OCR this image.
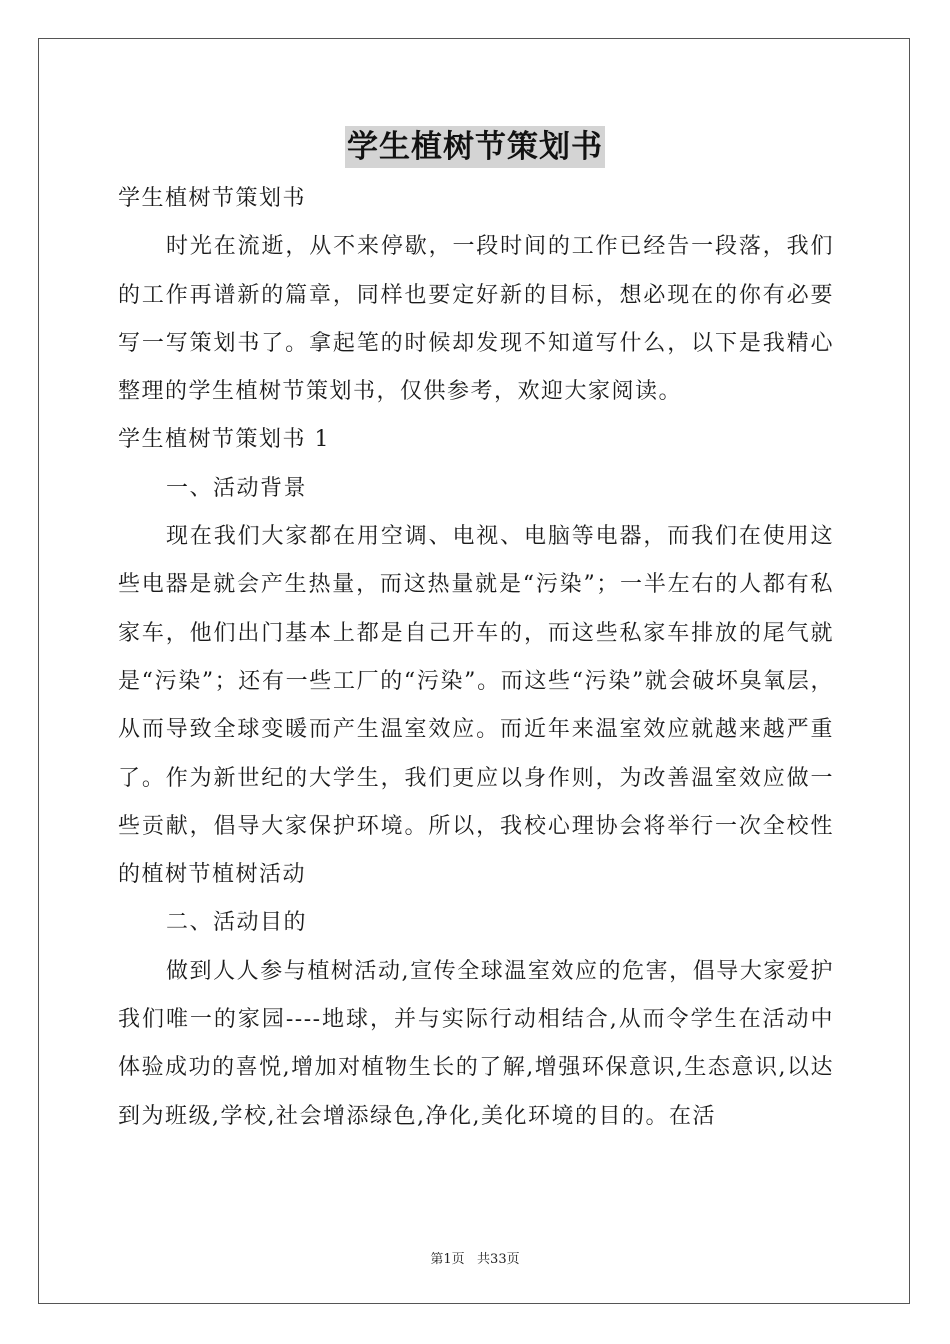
学生植树节策划书

学生植树节策划书

时光在流逝，从不来停歇，一段时间的工作已经告一段落，我们的工作再谱新的篇章，同样也要定好新的目标，想必现在的你有必要写一写策划书了。拿起笔的时候却发现不知道写什么，以下是我精心整理的学生植树节策划书，仅供参考，欢迎大家阅读。

学生植树节策划书 1

一、活动背景

现在我们大家都在用空调、电视、电脑等电器，而我们在使用这些电器是就会产生热量，而这热量就是“污染”；一半左右的人都有私家车，他们出门基本上都是自己开车的，而这些私家车排放的尾气就是“污染”；还有一些工厂的“污染”。而这些“污染”就会破坏臭氧层，从而导致全球变暖而产生温室效应。而近年来温室效应就越来越严重了。作为新世纪的大学生，我们更应以身作则，为改善温室效应做一些贡献，倡导大家保护环境。所以，我校心理协会将举行一次全校性的植树节植树活动

二、活动目的

做到人人参与植树活动,宣传全球温室效应的危害，倡导大家爱护我们唯一的家园----地球，并与实际行动相结合,从而令学生在活动中体验成功的喜悦,增加对植物生长的了解,增强环保意识,生态意识,以达到为班级,学校,社会增添绿色,净化,美化环境的目的。在活

第1页   共33页
